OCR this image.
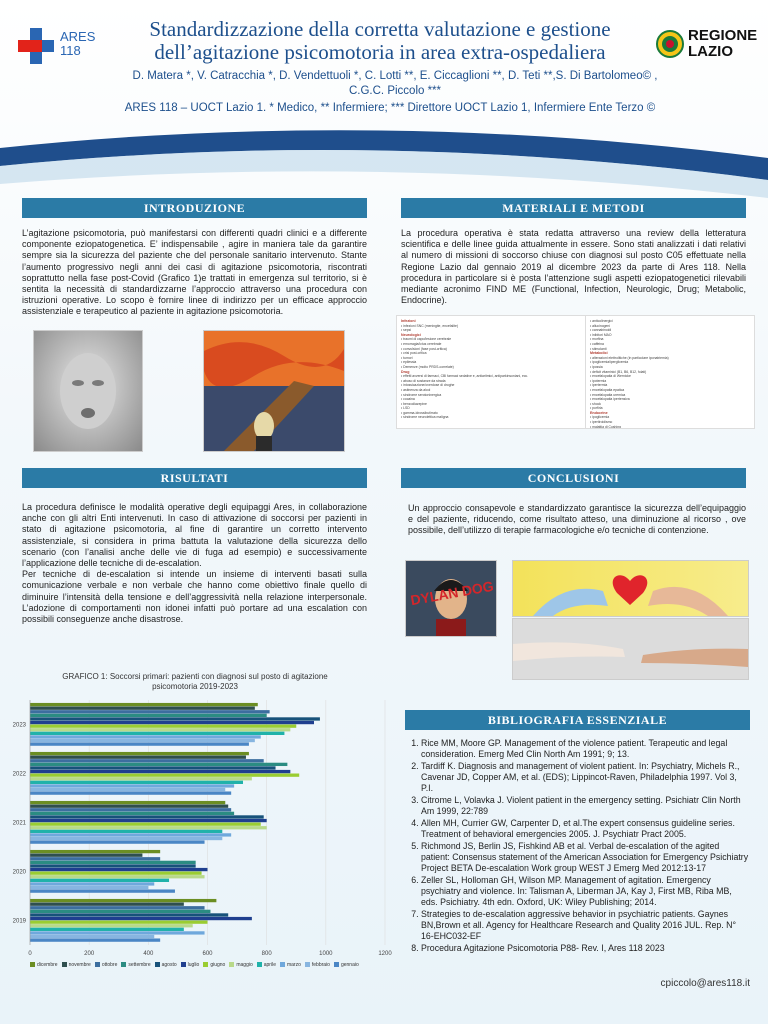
ARES
118
Standardizzazione della corretta valutazione e gestione
dell’agitazione psicomotoria in area extra-ospedaliera
REGIONE
LAZIO
D. Matera *, V. Catracchia *, D. Vendettuoli *, C. Lotti **, E. Ciccaglioni **, D. Teti **,S. Di Bartolomeo© ,
C.G.C. Piccolo ***
ARES 118 – UOCT Lazio 1. * Medico, ** Infermiere; *** Direttore UOCT Lazio 1, Infermiere Ente Terzo ©
INTRODUZIONE
L’agitazione psicomotoria, può manifestarsi con differenti quadri clinici e a differente componente eziopatogenetica. E’ indispensabile , agire in maniera tale da garantire sempre sia la sicurezza del paziente che del personale sanitario intervenuto. Stante l’aumento progressivo negli anni dei casi di agitazione psicomotoria, riscontrati soprattutto nella fase post-Covid (Grafico 1)e trattati in emergenza sul territorio, si è sentita la necessità di standardizzarne l’approccio attraverso una procedura con istruzioni operative. Lo scopo è fornire linee di indirizzo per un efficace approccio assistenziale e terapeutico al paziente in agitazione psicomotoria.
MATERIALI E METODI
La procedura operativa è stata redatta attraverso una review della letteratura scientifica e delle linee guida attualmente in essere. Sono stati analizzati i dati relativi al numero di missioni di soccorso chiuse con diagnosi sul posto C05 effettuate nella Regione Lazio dal gennaio 2019 al dicembre 2023 da parte di Ares 118. Nella procedura in particolare si è posta l’attenzione sugli aspetti eziopatogenetici rilevabili mediante acronimo FIND ME (Functional, Infection, Neurologic, Drug; Metabolic, Endocrine).
Infezioni
• infezioni SNC (meningite, encefalite)
• sepsi
Neurologici
• traumi di capo/lesione cerebrale
• emorragia/ictus cerebrale
• convulsioni (fase post-critica)
• crisi post-critica
• tumori
• epilessia
• Demenze (molto PRDS-correlate)
Drug
• effetti avversi di farmaci, CBI farmaci sedative e, antiaritmici, antiparkinsoniani, ecc.
• abuso di sostanze da strada
• intossicazione/overdose di droghe
• astinenza da alcol
• sindrome serotoninergica
• cocaina
• benzodiazepine
• LSD
• gamma-idrossibutirrato
• sindrome neurolettica maligna
• anticolinergici
• allucinogeni
• cannabinoidi
• inibitori MAO
• morfina
• caffeina
• stimolanti
Metabolici
• alterazioni elettrolitiche (in particolare iponatriemia)
• ipoglicemia/iperglicemia
• ipossia
• deficit vitaminici (B1, B6, B12, folati)
• encefalopatia di Wernicke
• ipotermia
• ipertermia
• encefalopatia epatica
• encefalopatia uremica
• encefalopatia ipertensiva
• shock
• porfiria
Endocrine
• ipoglicemia
• ipertiroidismo
• malattia di Cushing
RISULTATI
La procedura definisce le modalità operative degli equipaggi Ares, in collaborazione anche con gli altri Enti intervenuti. In caso di attivazione di soccorsi per pazienti in stato di agitazione psicomotoria, al fine di garantire un corretto intervento assistenziale, si considera in prima battuta la valutazione della sicurezza dello scenario (con l’analisi anche delle vie di fuga ad esempio) e successivamente l’applicazione delle tecniche di de-escalation.
Per tecniche di de-escalation si intende un insieme di interventi basati sulla comunicazione verbale e non verbale che hanno come obiettivo finale quello di diminuire l’intensità della tensione e dell’aggressività nella relazione interpersonale. L’adozione di comportamenti non idonei infatti può portare ad una escalation con possibili conseguenze anche disastrose.
CONCLUSIONI
Un approccio consapevole e standardizzato garantisce la sicurezza dell’equipaggio e del paziente, riducendo, come risultato atteso, una diminuzione al ricorso , ove possibile, dell’utilizzo di terapie farmacologiche e/o tecniche di contenzione.
DYLAN DOG
GRAFICO 1: Soccorsi primari: pazienti con diagnosi sul posto di agitazione
psicomotoria 2019-2023
0	200	400	600	800	1000	1200
2023
2022
2021
2020
2019
dicembre novembre ottobre settembre agosto luglio giugno maggio aprile marzo febbraio gennaio
BIBLIOGRAFIA ESSENZIALE
1. Rice MM, Moore GP. Management of the violence patient. Terapeutic and legal consideration. Emerg Med Clin North Am 1991; 9; 13.
2. Tardiff K. Diagnosis and management of violent patient. In: Psychiatry, Michels R., Cavenar JD, Copper AM, et al. (EDS); Lippincot-Raven, Philadelphia 1997. Vol 3, P.I.
3. Citrome L, Volavka J. Violent patient in the emergency setting. Psichiatr Clin North Am 1999, 22:789
4. Allen MH, Currier GW, Carpenter D, et al.The expert consensus guideline series. Treatment of behavioral emergencies 2005. J. Psychiatr Pract 2005.
5. Richmond JS, Berlin JS, Fishkind AB et al. Verbal de-escalation of the agited patient: Consensus statement of the American Association for Emergency Psichiatry Project BETA De-escalation Work group WEST J Emerg Med 2012:13-17
6. Zeller SL, Holloman GH, Wilson MP. Management of agitation. Emergency psychiatry and violence. In: Talisman A, Liberman JA, Kay J, First MB, Riba MB, eds. Psichiatry. 4th edn. Oxford, UK: Wiley Publishing; 2014.
7. Strategies to de-escalation aggressive behavior in psychiatric patients. Gaynes BN,Brown et all. Agency for Healthcare Research and Quality 2016 JUL. Rep. N° 16-EHC032-EF
8. Procedura Agitazione Psicomotoria P88- Rev. I, Ares 118 2023
cpiccolo@ares118.it
